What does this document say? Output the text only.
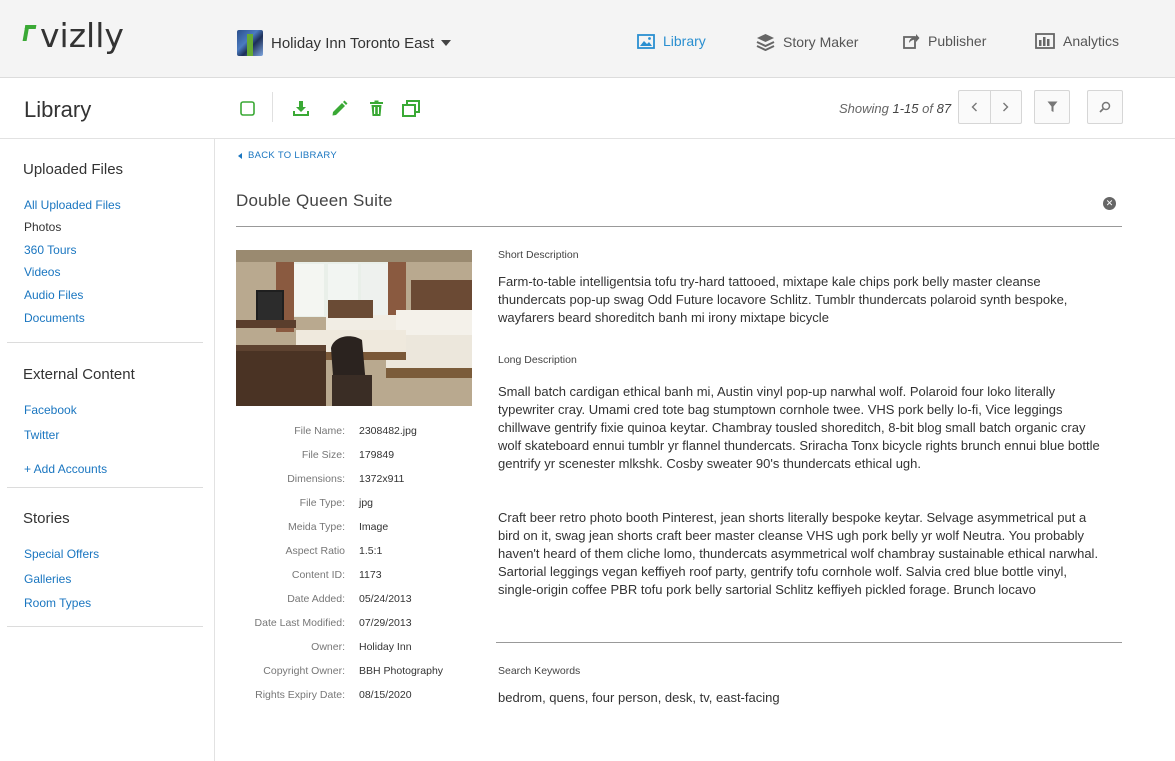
vizlly	Holiday Inn Toronto East	Library	Story Maker	Publisher	Analytics
Library	Showing 1-15 of 87
Uploaded Files
All Uploaded Files
Photos
360 Tours
Videos
Audio Files
Documents
External Content
Facebook
Twitter
+ Add Accounts
Stories
Special Offers
Galleries
Room Types
BACK TO LIBRARY
Double Queen Suite	✕
File Name: 2308482.jpg
File Size: 179849
Dimensions: 1372x911
File Type: jpg
Meida Type: Image
Aspect Ratio 1.5:1
Content ID: 1173
Date Added: 05/24/2013
Date Last Modified: 07/29/2013
Owner: Holiday Inn
Copyright Owner: BBH Photography
Rights Expiry Date: 08/15/2020
Short Description
Farm-to-table intelligentsia tofu try-hard tattooed, mixtape kale chips pork belly master cleanse thundercats pop-up swag Odd Future locavore Schlitz. Tumblr thundercats polaroid synth bespoke, wayfarers beard shoreditch banh mi irony mixtape bicycle
Long Description
Small batch cardigan ethical banh mi, Austin vinyl pop-up narwhal wolf. Polaroid four loko literally typewriter cray. Umami cred tote bag stumptown cornhole twee. VHS pork belly lo-fi, Vice leggings chillwave gentrify fixie quinoa keytar. Chambray tousled shoreditch, 8-bit blog small batch organic cray wolf skateboard ennui tumblr yr flannel thundercats. Sriracha Tonx bicycle rights brunch ennui blue bottle gentrify yr scenester mlkshk. Cosby sweater 90's thundercats ethical ugh.
Craft beer retro photo booth Pinterest, jean shorts literally bespoke keytar. Selvage asymmetrical put a bird on it, swag jean shorts craft beer master cleanse VHS ugh pork belly yr wolf Neutra. You probably haven't heard of them cliche lomo, thundercats asymmetrical wolf chambray sustainable ethical narwhal. Sartorial leggings vegan keffiyeh roof party, gentrify tofu cornhole wolf. Salvia cred blue bottle vinyl, single-origin coffee PBR tofu pork belly sartorial Schlitz keffiyeh pickled forage. Brunch locavo
Search Keywords
bedrom, quens, four person, desk, tv, east-facing
